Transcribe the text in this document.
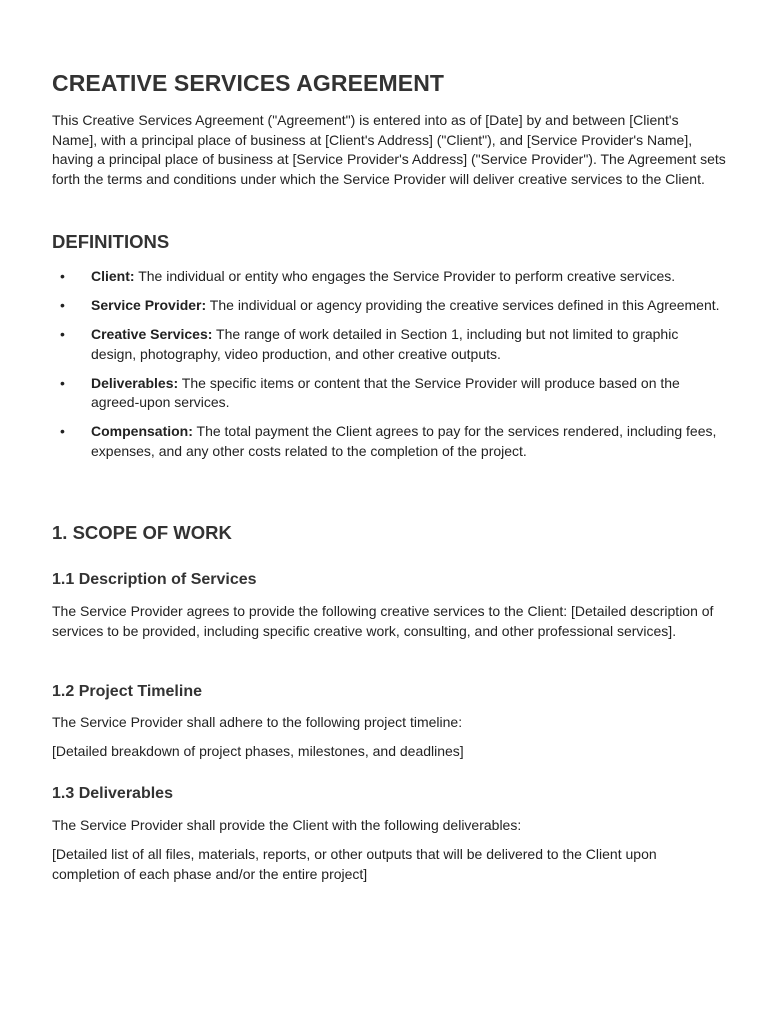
CREATIVE SERVICES AGREEMENT

This Creative Services Agreement ("Agreement") is entered into as of [Date] by and between [Client's Name], with a principal place of business at [Client's Address] ("Client"), and [Service Provider's Name], having a principal place of business at [Service Provider's Address] ("Service Provider"). The Agreement sets forth the terms and conditions under which the Service Provider will deliver creative services to the Client.

DEFINITIONS
• Client: The individual or entity who engages the Service Provider to perform creative services.
• Service Provider: The individual or agency providing the creative services defined in this Agreement.
• Creative Services: The range of work detailed in Section 1, including but not limited to graphic design, photography, video production, and other creative outputs.
• Deliverables: The specific items or content that the Service Provider will produce based on the agreed-upon services.
• Compensation: The total payment the Client agrees to pay for the services rendered, including fees, expenses, and any other costs related to the completion of the project.
1. SCOPE OF WORK
1.1 Description of Services

The Service Provider agrees to provide the following creative services to the Client: [Detailed description of services to be provided, including specific creative work, consulting, and other professional services].

1.2 Project Timeline

The Service Provider shall adhere to the following project timeline:

[Detailed breakdown of project phases, milestones, and deadlines]

1.3 Deliverables

The Service Provider shall provide the Client with the following deliverables:

[Detailed list of all files, materials, reports, or other outputs that will be delivered to the Client upon completion of each phase and/or the entire project]
